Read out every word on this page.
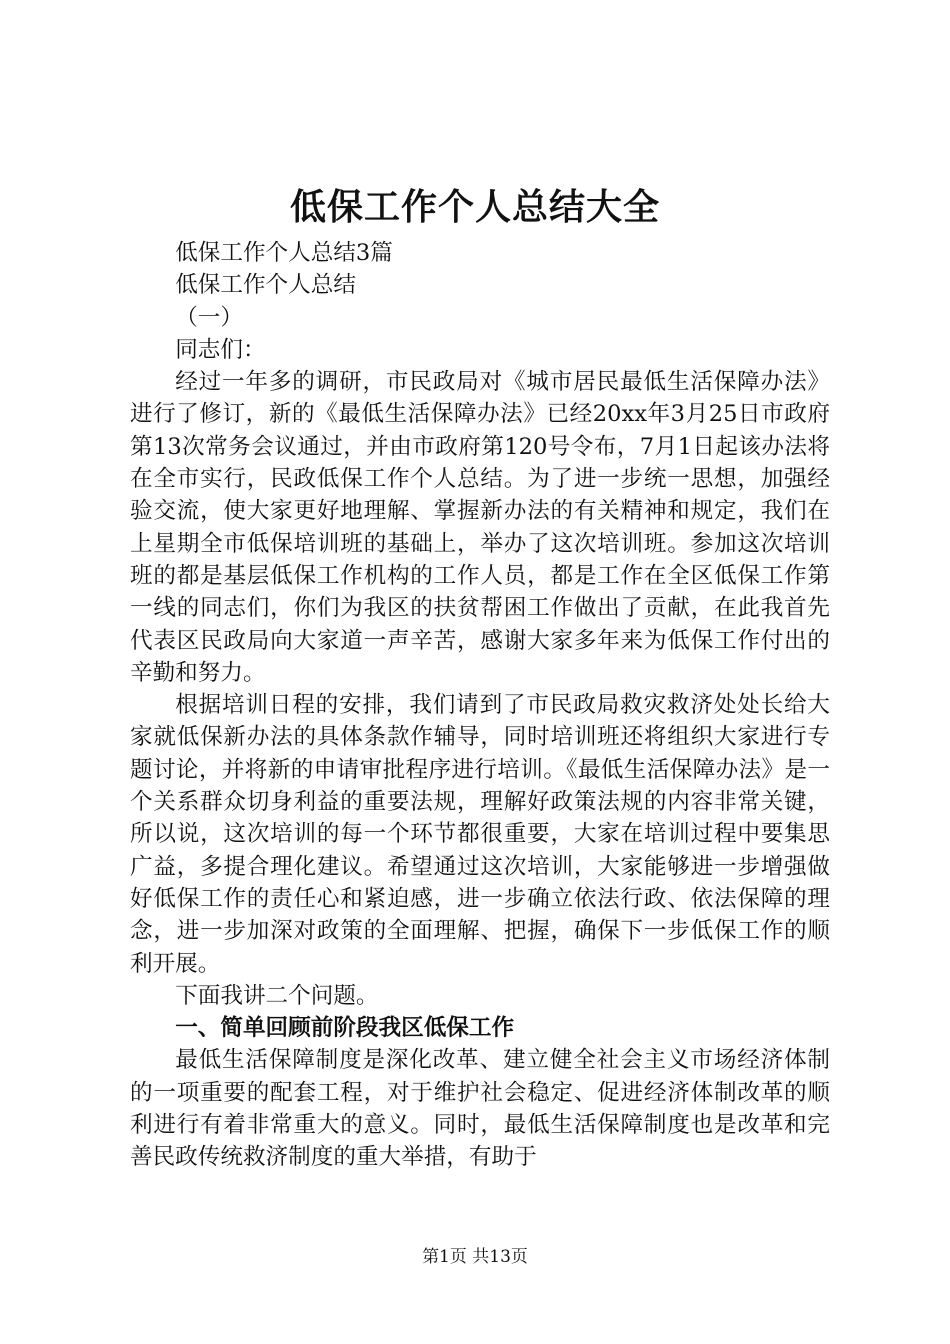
低保工作个人总结大全

低保工作个人总结3篇

低保工作个人总结

（一）

同志们：

经过一年多的调研，市民政局对《城市居民最低生活保障办法》进行了修订，新的《最低生活保障办法》已经20xx年3月25日市政府第13次常务会议通过，并由市政府第120号令布，7月1日起该办法将在全市实行，民政低保工作个人总结。为了进一步统一思想，加强经验交流，使大家更好地理解、掌握新办法的有关精神和规定，我们在上星期全市低保培训班的基础上，举办了这次培训班。参加这次培训班的都是基层低保工作机构的工作人员，都是工作在全区低保工作第一线的同志们，你们为我区的扶贫帮困工作做出了贡献，在此我首先代表区民政局向大家道一声辛苦，感谢大家多年来为低保工作付出的辛勤和努力。

根据培训日程的安排，我们请到了市民政局救灾救济处处长给大家就低保新办法的具体条款作辅导，同时培训班还将组织大家进行专题讨论，并将新的申请审批程序进行培训。《最低生活保障办法》是一个关系群众切身利益的重要法规，理解好政策法规的内容非常关键，所以说，这次培训的每一个环节都很重要，大家在培训过程中要集思广益，多提合理化建议。希望通过这次培训，大家能够进一步增强做好低保工作的责任心和紧迫感，进一步确立依法行政、依法保障的理念，进一步加深对政策的全面理解、把握，确保下一步低保工作的顺利开展。

下面我讲二个问题。

一、简单回顾前阶段我区低保工作

最低生活保障制度是深化改革、建立健全社会主义市场经济体制的一项重要的配套工程，对于维护社会稳定、促进经济体制改革的顺利进行有着非常重大的意义。同时，最低生活保障制度也是改革和完善民政传统救济制度的重大举措，有助于

第1页 共13页
